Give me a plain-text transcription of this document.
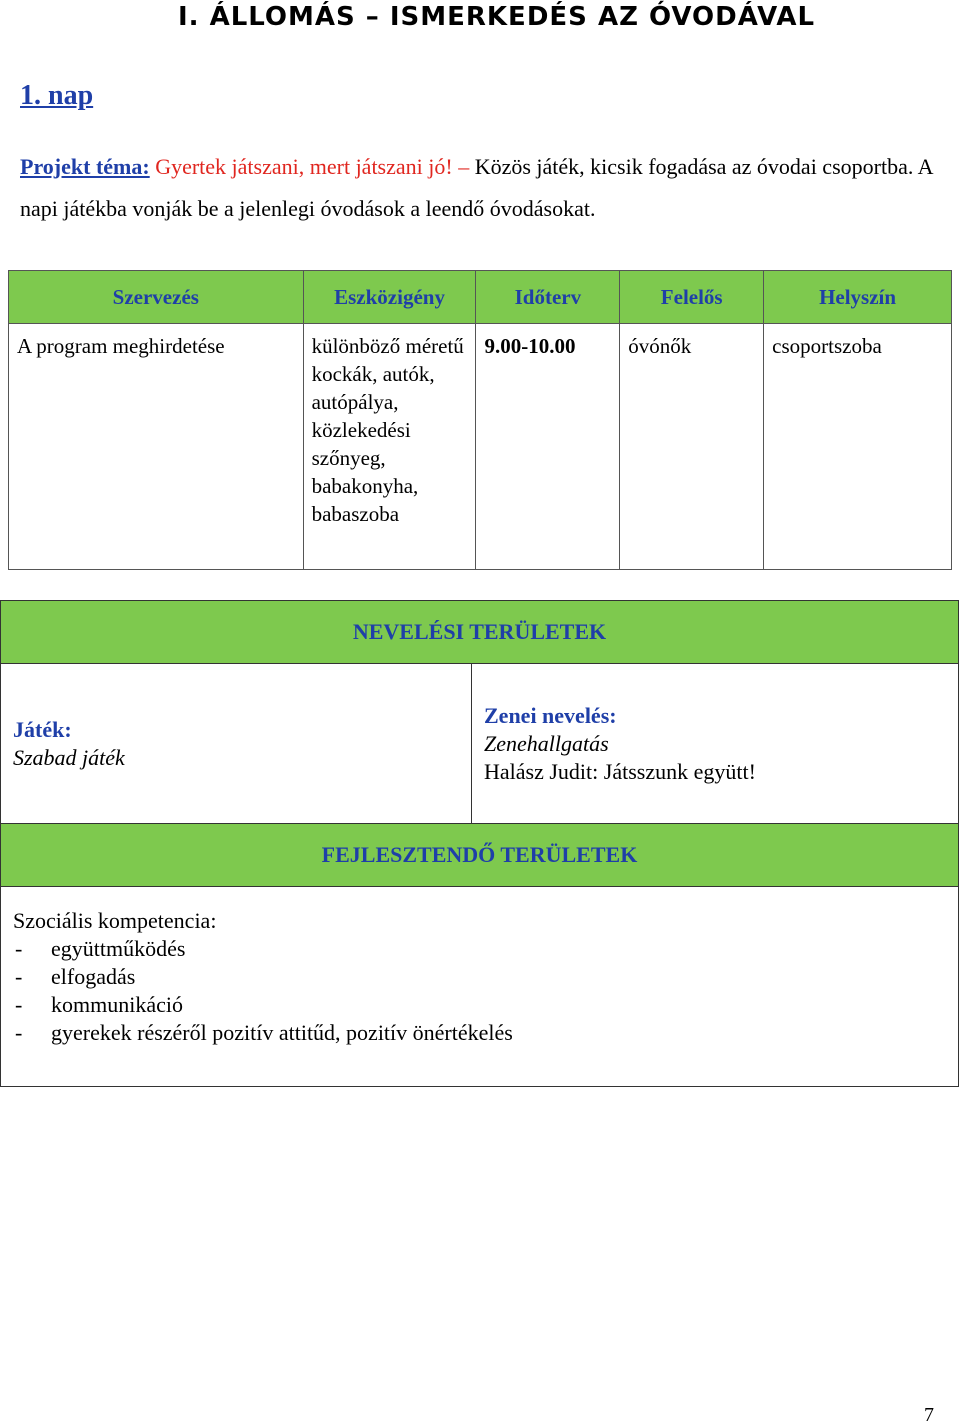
I. ÁLLOMÁS – ISMERKEDÉS AZ ÓVODÁVAL
1. nap
Projekt téma: Gyertek játszani, mert játszani jó! – Közös játék, kicsik fogadása az óvodai csoportba. A napi játékba vonják be a jelenlegi óvodások a leendő óvodásokat.
Szervezés	Eszközigény	Időterv	Felelős	Helyszín
A program meghirdetése	különböző méretű kockák, autók, autópálya, közlekedési szőnyeg, babakonyha, babaszoba	9.00-10.00	óvónők	csoportszoba
NEVELÉSI TERÜLETEK
Játék:
Szabad játék
Zenei nevelés:
Zenehallgatás
Halász Judit: Játsszunk együtt!
FEJLESZTENDŐ TERÜLETEK
Szociális kompetencia:
- együttműködés
- elfogadás
- kommunikáció
- gyerekek részéről pozitív attitűd, pozitív önértékelés
7
